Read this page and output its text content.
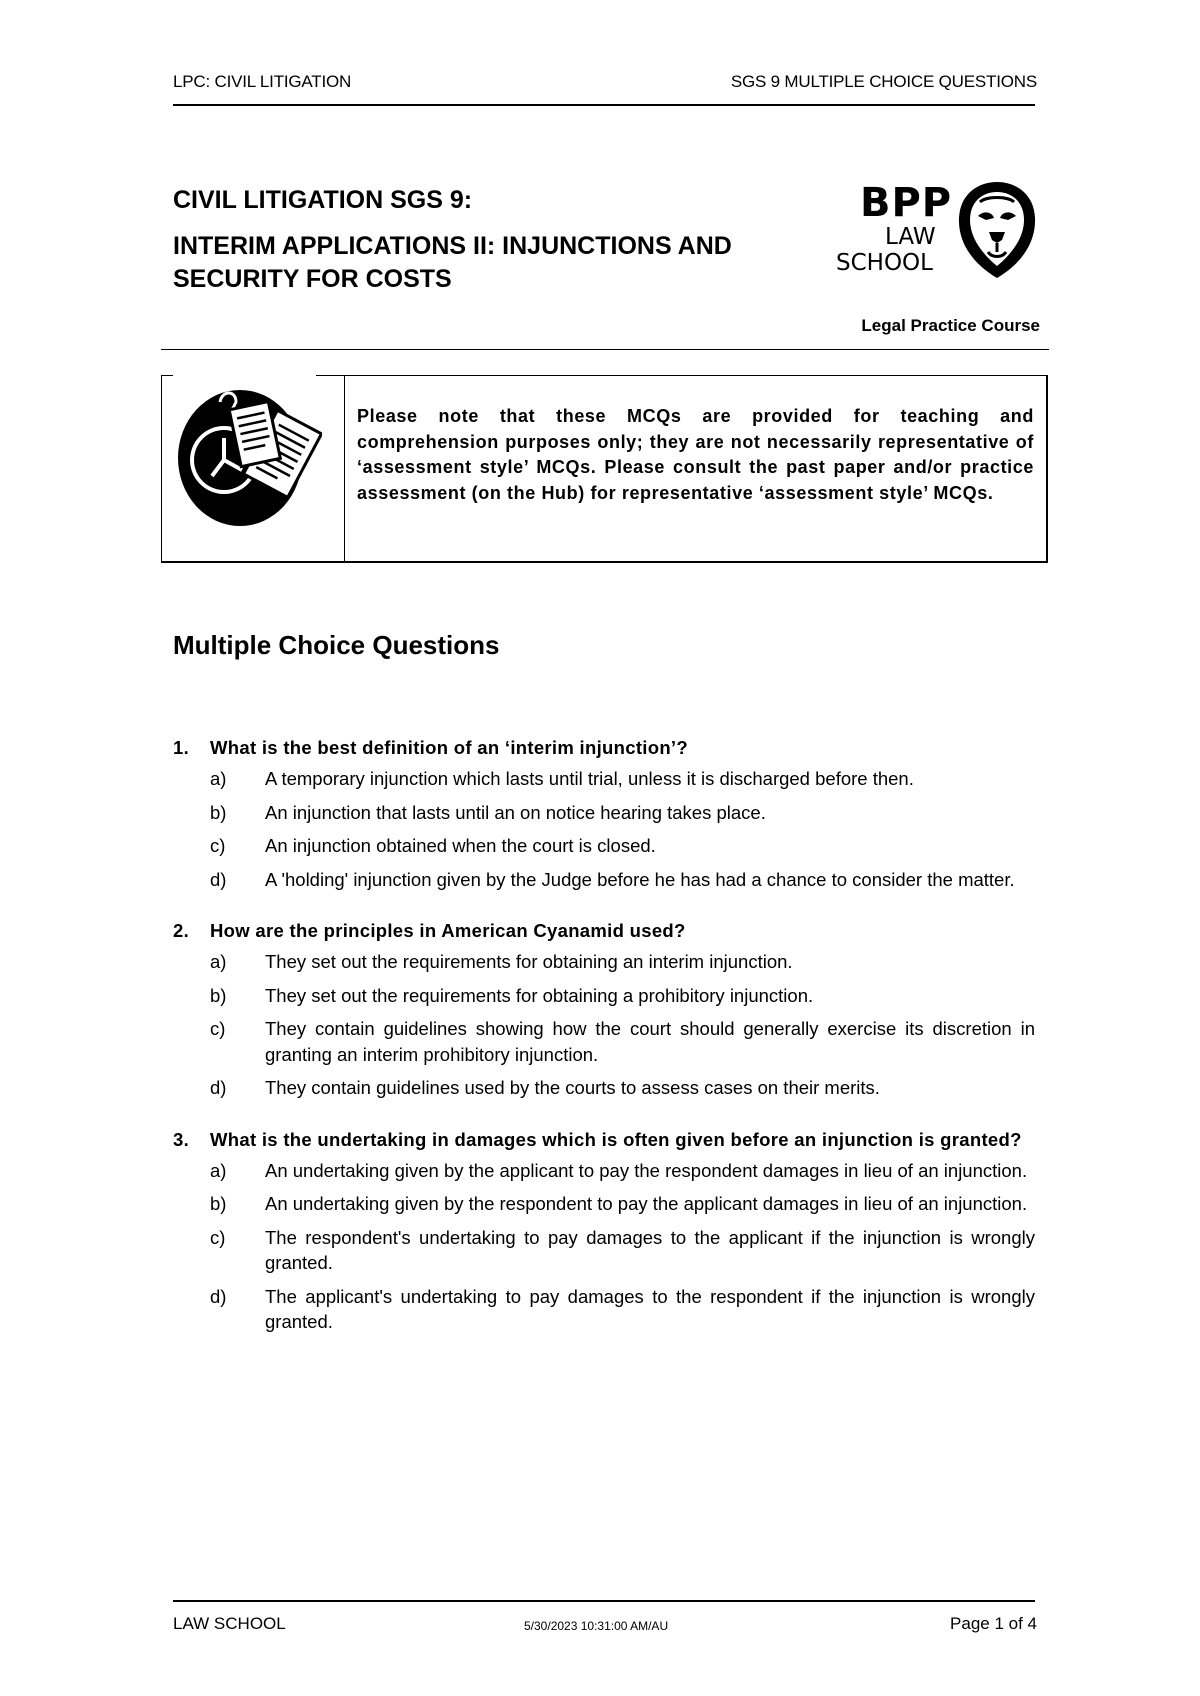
LPC: CIVIL LITIGATION	SGS 9 MULTIPLE CHOICE QUESTIONS
CIVIL LITIGATION SGS 9:
INTERIM APPLICATIONS II: INJUNCTIONS AND SECURITY FOR COSTS
BPP
LAW
SCHOOL
Legal Practice Course
Please note that these MCQs are provided for teaching and comprehension purposes only; they are not necessarily representative of ‘assessment style’ MCQs. Please consult the past paper and/or practice assessment (on the Hub) for representative ‘assessment style’ MCQs.
Multiple Choice Questions
1.	What is the best definition of an ‘interim injunction’?
a)	A temporary injunction which lasts until trial, unless it is discharged before then.
b)	An injunction that lasts until an on notice hearing takes place.
c)	An injunction obtained when the court is closed.
d)	A 'holding' injunction given by the Judge before he has had a chance to consider the matter.
2.	How are the principles in American Cyanamid used?
a)	They set out the requirements for obtaining an interim injunction.
b)	They set out the requirements for obtaining a prohibitory injunction.
c)	They contain guidelines showing how the court should generally exercise its discretion in granting an interim prohibitory injunction.
d)	They contain guidelines used by the courts to assess cases on their merits.
3.	What is the undertaking in damages which is often given before an injunction is granted?
a)	An undertaking given by the applicant to pay the respondent damages in lieu of an injunction.
b)	An undertaking given by the respondent to pay the applicant damages in lieu of an injunction.
c)	The respondent's undertaking to pay damages to the applicant if the injunction is wrongly granted.
d)	The applicant's undertaking to pay damages to the respondent if the injunction is wrongly granted.
LAW SCHOOL	5/30/2023 10:31:00 AM/AU	Page 1 of 4
